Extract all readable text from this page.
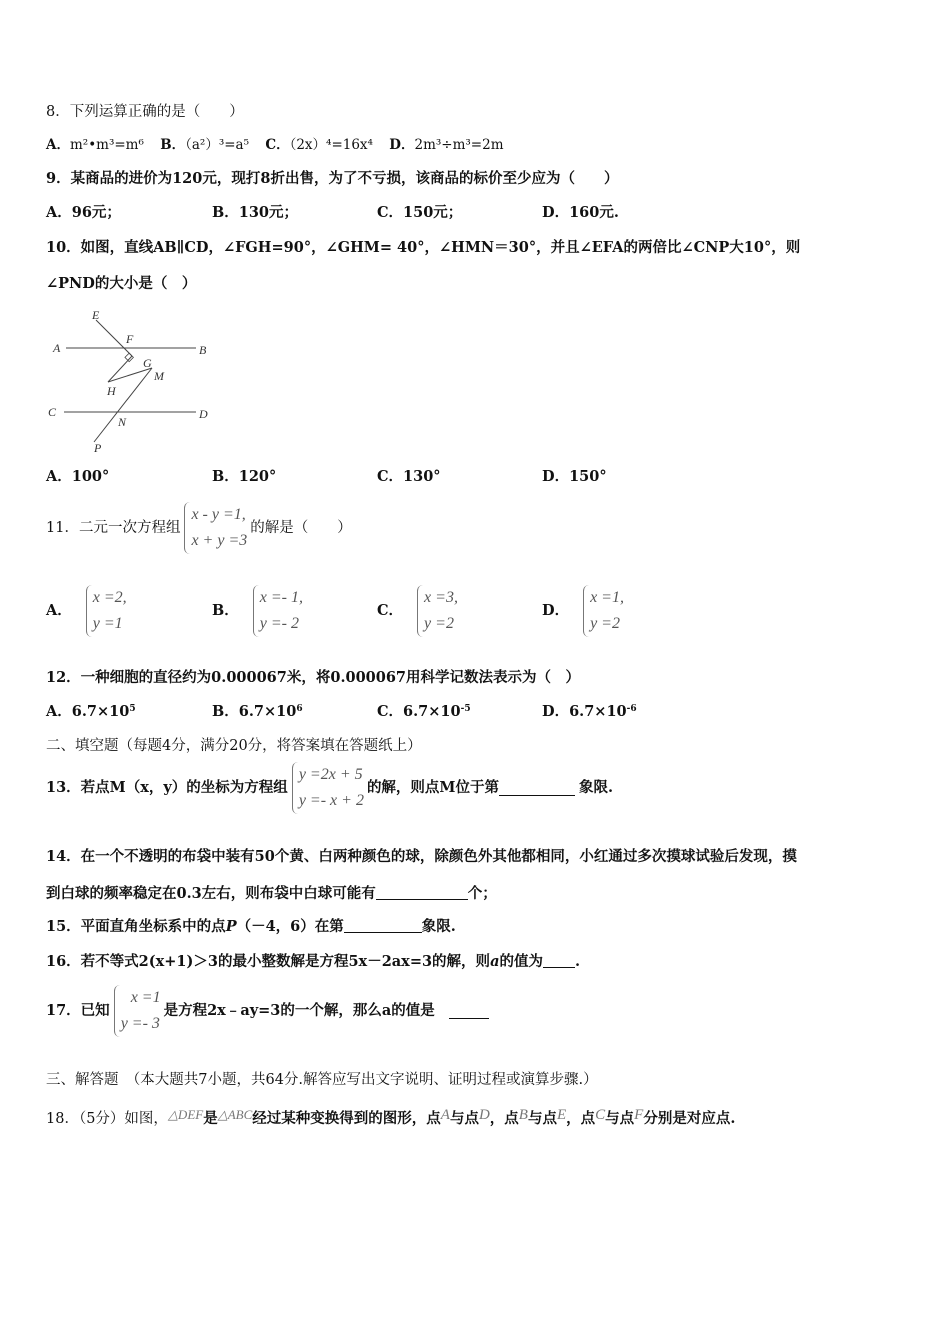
8．下列运算正确的是（　　）
A．m²•m³=m⁶ B．（a²）³=a⁵ C．（2x）⁴=16x⁴ D．2m³÷m³=2m
9．某商品的进价为120元，现打8折出售，为了不亏损，该商品的标价至少应为（　　）
A．96元；	B．130元；	C．150元；	D．160元.
10．如图，直线AB∥CD，∠FGH=90°，∠GHM= 40°，∠HMN＝30°，并且∠EFA的两倍比∠CNP大10°，则
∠PND的大小是（　）
E
F
A	B
G
M
H
C
N
D
P
A．100°	B．120°	C．130°	D．150°
11．二元一次方程组
x - y =1,
x + y =3
的解是（　　）
A．
x =2,
y =1
B．
x =- 1,
y =- 2
C．
x =3,
y =2
D．
x =1,
y =2
12．一种细胞的直径约为0.000067米，将0.000067用科学记数法表示为（　）
A．$6.7\times 10^5$	B．$6.7\times 10^6$	C．$6.7\times 10^{-5}$	D．$6.7\times 10^{-6}$
二、填空题（每题4分，满分20分，将答案填在答题纸上）
13．若点M（x，y）的坐标为方程组
y =2x + 5
y =- x + 2
的解，则点M位于第	象限.
14．在一个不透明的布袋中装有50个黄、白两种颜色的球，除颜色外其他都相同，小红通过多次摸球试验后发现，摸
到白球的频率稳定在0.3左右，则布袋中白球可能有	个；
15．平面直角坐标系中的点P（－4，6）在第	象限.
16．若不等式2(x+1)＞3的最小整数解是方程5x－2ax=3的解，则a的值为 .
17．已知
x =1
y =- 3
是方程2x﹣ay=3的一个解，那么a的值是
三、解答题　（本大题共7小题，共64分.解答应写出文字说明、证明过程或演算步骤.）
18．（5分）如图，△DEF是△ABC经过某种变换得到的图形，点A与点D，点B与点E，点C与点F分别是对应点.
